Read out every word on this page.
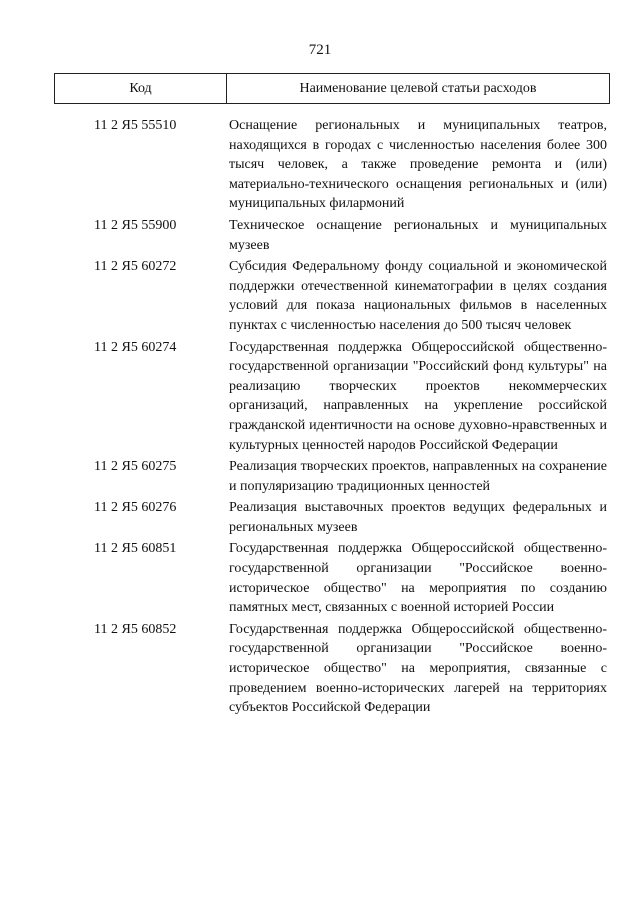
721
Код	Наименование целевой статьи расходов
11 2 Я5 55510	Оснащение региональных и муниципальных театров, находящихся в городах с численностью населения более 300 тысяч человек, а также проведение ремонта и (или) материально-технического оснащения региональных и (или) муниципальных филармоний
11 2 Я5 55900	Техническое оснащение региональных и муниципальных музеев
11 2 Я5 60272	Субсидия Федеральному фонду социальной и экономической поддержки отечественной кинематографии в целях создания условий для показа национальных фильмов в населенных пунктах с численностью населения до 500 тысяч человек
11 2 Я5 60274	Государственная поддержка Общероссийской общественно-государственной организации "Российский фонд культуры" на реализацию творческих проектов некоммерческих организаций, направленных на укрепление российской гражданской идентичности на основе духовно-нравственных и культурных ценностей народов Российской Федерации
11 2 Я5 60275	Реализация творческих проектов, направленных на сохранение и популяризацию традиционных ценностей
11 2 Я5 60276	Реализация выставочных проектов ведущих федеральных и региональных музеев
11 2 Я5 60851	Государственная поддержка Общероссийской общественно-государственной организации "Российское военно-историческое общество" на мероприятия по созданию памятных мест, связанных с военной историей России
11 2 Я5 60852	Государственная поддержка Общероссийской общественно-государственной организации "Российское военно-историческое общество" на мероприятия, связанные с проведением военно-исторических лагерей на территориях субъектов Российской Федерации
